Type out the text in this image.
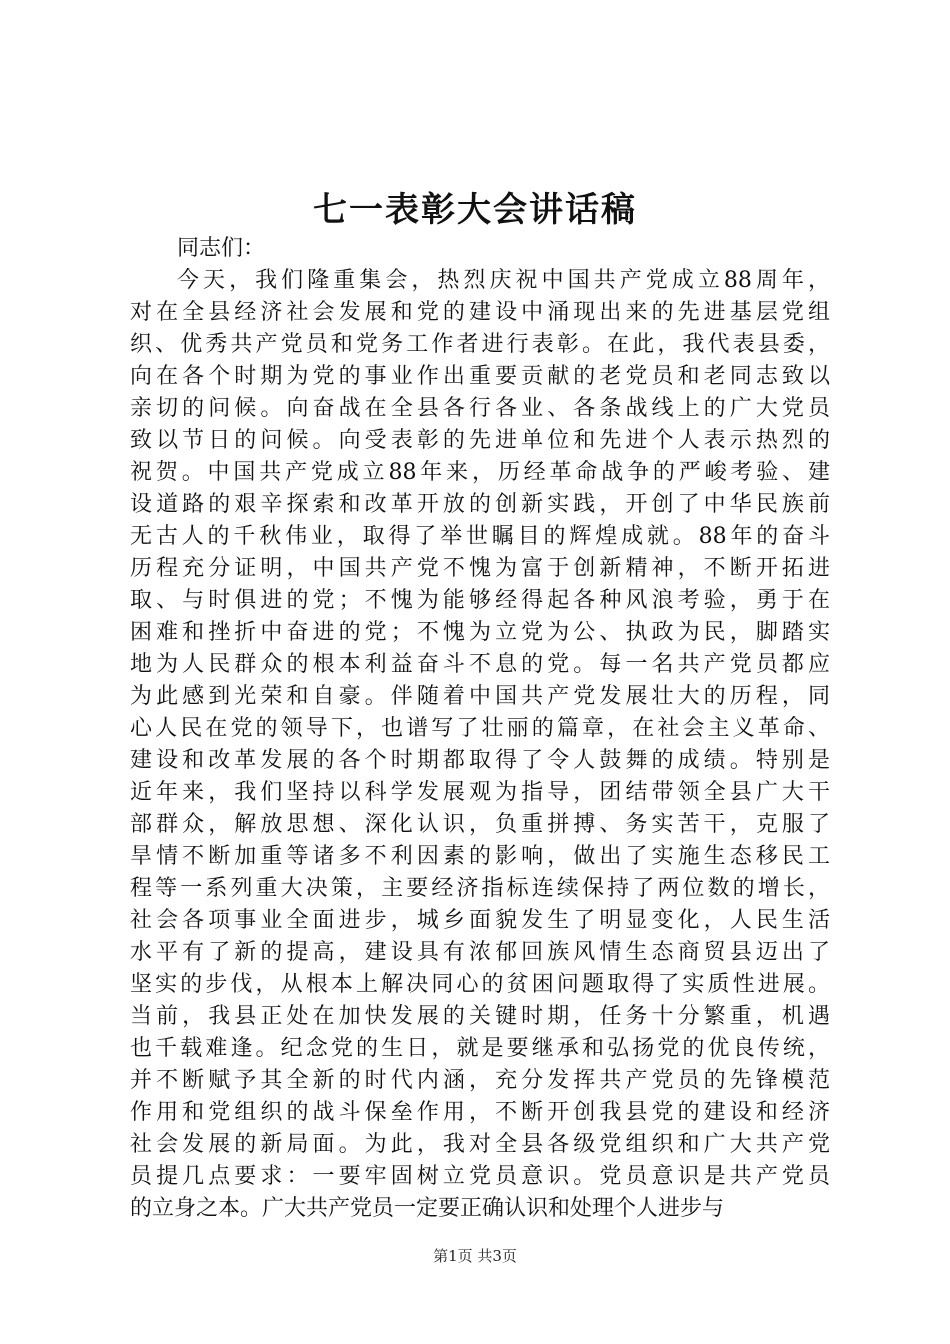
七一表彰大会讲话稿
同志们：
今天，我们隆重集会，热烈庆祝中国共产党成立88周年，
对在全县经济社会发展和党的建设中涌现出来的先进基层党组
织、优秀共产党员和党务工作者进行表彰。在此，我代表县委，
向在各个时期为党的事业作出重要贡献的老党员和老同志致以
亲切的问候。向奋战在全县各行各业、各条战线上的广大党员
致以节日的问候。向受表彰的先进单位和先进个人表示热烈的
祝贺。中国共产党成立88年来，历经革命战争的严峻考验、建
设道路的艰辛探索和改革开放的创新实践，开创了中华民族前
无古人的千秋伟业，取得了举世瞩目的辉煌成就。88年的奋斗
历程充分证明，中国共产党不愧为富于创新精神，不断开拓进
取、与时俱进的党；不愧为能够经得起各种风浪考验，勇于在
困难和挫折中奋进的党；不愧为立党为公、执政为民，脚踏实
地为人民群众的根本利益奋斗不息的党。每一名共产党员都应
为此感到光荣和自豪。伴随着中国共产党发展壮大的历程，同
心人民在党的领导下，也谱写了壮丽的篇章，在社会主义革命、
建设和改革发展的各个时期都取得了令人鼓舞的成绩。特别是
近年来，我们坚持以科学发展观为指导，团结带领全县广大干
部群众，解放思想、深化认识，负重拼搏、务实苦干，克服了
旱情不断加重等诸多不利因素的影响，做出了实施生态移民工
程等一系列重大决策，主要经济指标连续保持了两位数的增长，
社会各项事业全面进步，城乡面貌发生了明显变化，人民生活
水平有了新的提高，建设具有浓郁回族风情生态商贸县迈出了
坚实的步伐，从根本上解决同心的贫困问题取得了实质性进展。
当前，我县正处在加快发展的关键时期，任务十分繁重，机遇
也千载难逢。纪念党的生日，就是要继承和弘扬党的优良传统，
并不断赋予其全新的时代内涵，充分发挥共产党员的先锋模范
作用和党组织的战斗保垒作用，不断开创我县党的建设和经济
社会发展的新局面。为此，我对全县各级党组织和广大共产党
员提几点要求：一要牢固树立党员意识。党员意识是共产党员
的立身之本。广大共产党员一定要正确认识和处理个人进步与
第1页 共3页
